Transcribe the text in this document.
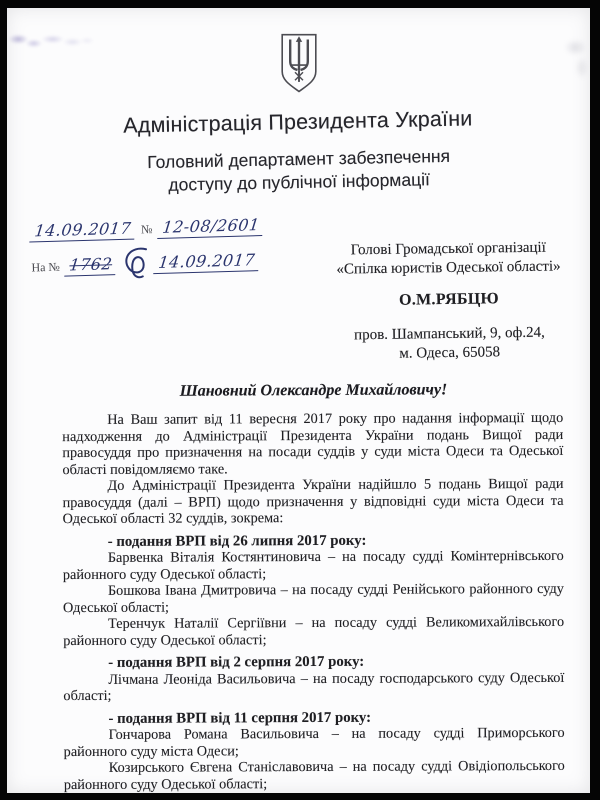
Адміністрація Президента України
Головний департамент забезпечення
доступу до публічної інформації
14.09.2017 № 12-08/2601
На № 1762	14.09.2017
Голові Громадської організації
«Спілка юристів Одеської області»
О.М.РЯБЦЮ
пров. Шампанський, 9, оф.24,
м. Одеса, 65058
Шановний Олександре Михайловичу!

На Ваш запит від 11 вересня 2017 року про надання інформації щодо надходження до Адміністрації Президента України подань Вищої ради правосуддя про призначення на посади суддів у суди міста Одеси та Одеської області повідомляємо таке.

До Адміністрації Президента України надійшло 5 подань Вищої ради правосуддя (далі – ВРП) щодо призначення у відповідні суди міста Одеси та Одеської області 32 суддів, зокрема:

- подання ВРП від 26 липня 2017 року:

Барвенка Віталія Костянтиновича – на посаду судді Комінтернівського районного суду Одеської області;

Бошкова Івана Дмитровича – на посаду судді Ренійського районного суду Одеської області;

Теренчук Наталії Сергіївни – на посаду судді Великомихайлівського районного суду Одеської області;

- подання ВРП від 2 серпня 2017 року:

Лічмана Леоніда Васильовича – на посаду господарського суду Одеської області;

- подання ВРП від 11 серпня 2017 року:

Гончарова Романа Васильовича – на посаду судді Приморського районного суду міста Одеси;

Козирського Євгена Станіславовича – на посаду судді Овідіопольського районного суду Одеської області;
